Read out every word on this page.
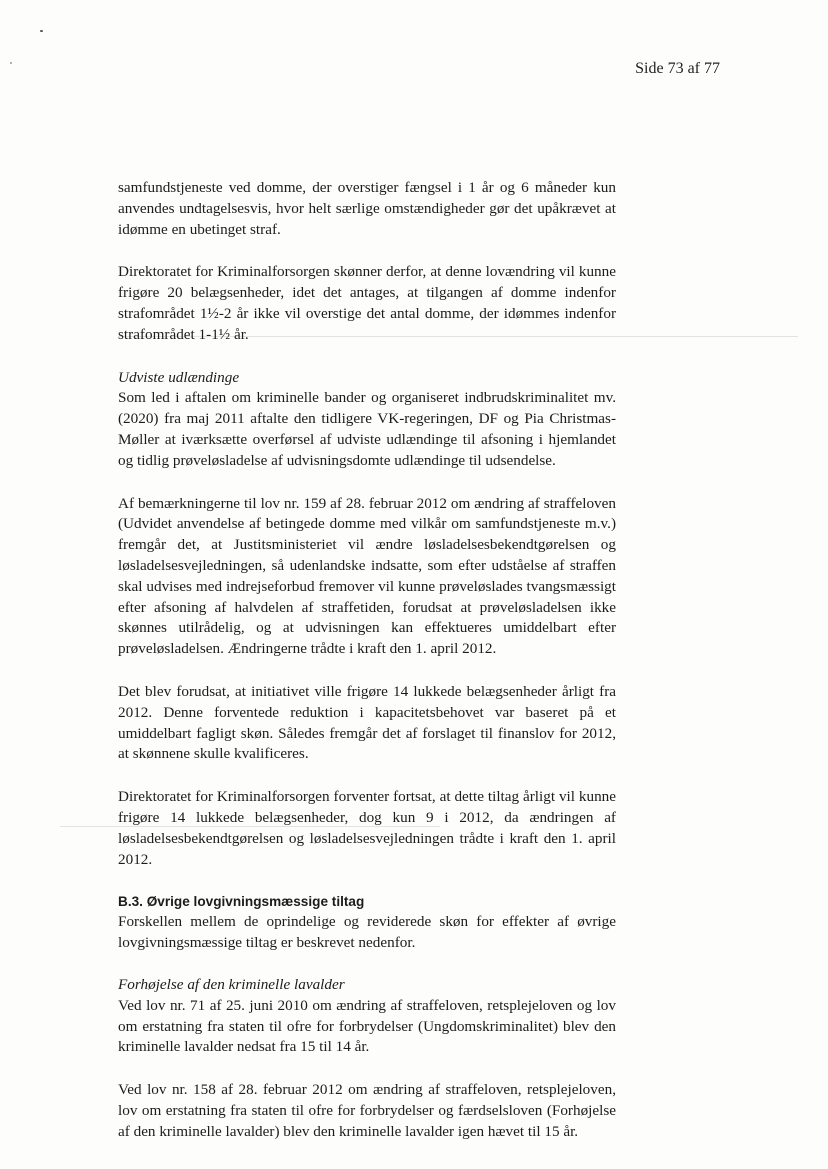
Side 73 af 77

samfundstjeneste ved domme, der overstiger fængsel i 1 år og 6 måneder kun anvendes undtagelsesvis, hvor helt særlige omstændigheder gør det upåkrævet at idømme en ubetinget straf.

Direktoratet for Kriminalforsorgen skønner derfor, at denne lovændring vil kunne frigøre 20 belægsenheder, idet det antages, at tilgangen af domme indenfor strafområdet 1½-2 år ikke vil overstige det antal domme, der idømmes indenfor strafområdet 1-1½ år.

Udviste udlændinge
Som led i aftalen om kriminelle bander og organiseret indbrudskriminalitet mv. (2020) fra maj 2011 aftalte den tidligere VK-regeringen, DF og Pia Christmas-Møller at iværksætte overførsel af udviste udlændinge til afsoning i hjemlandet og tidlig prøveløsladelse af udvisningsdomte udlændinge til udsendelse.

Af bemærkningerne til lov nr. 159 af 28. februar 2012 om ændring af straffeloven (Udvidet anvendelse af betingede domme med vilkår om samfundstjeneste m.v.) fremgår det, at Justitsministeriet vil ændre løsladelsesbekendtgørelsen og løsladelsesvejledningen, så udenlandske indsatte, som efter udståelse af straffen skal udvises med indrejseforbud fremover vil kunne prøveløslades tvangsmæssigt efter afsoning af halvdelen af straffetiden, forudsat at prøveløsladelsen ikke skønnes utilrådelig, og at udvisningen kan effektueres umiddelbart efter prøveløsladelsen. Ændringerne trådte i kraft den 1. april 2012.

Det blev forudsat, at initiativet ville frigøre 14 lukkede belægsenheder årligt fra 2012. Denne forventede reduktion i kapacitetsbehovet var baseret på et umiddelbart fagligt skøn. Således fremgår det af forslaget til finanslov for 2012, at skønnene skulle kvalificeres.

Direktoratet for Kriminalforsorgen forventer fortsat, at dette tiltag årligt vil kunne frigøre 14 lukkede belægsenheder, dog kun 9 i 2012, da ændringen af løsladelsesbekendtgørelsen og løsladelsesvejledningen trådte i kraft den 1. april 2012.

B.3. Øvrige lovgivningsmæssige tiltag
Forskellen mellem de oprindelige og reviderede skøn for effekter af øvrige lovgivningsmæssige tiltag er beskrevet nedenfor.

Forhøjelse af den kriminelle lavalder
Ved lov nr. 71 af 25. juni 2010 om ændring af straffeloven, retsplejeloven og lov om erstatning fra staten til ofre for forbrydelser (Ungdomskriminalitet) blev den kriminelle lavalder nedsat fra 15 til 14 år.

Ved lov nr. 158 af 28. februar 2012 om ændring af straffeloven, retsplejeloven, lov om erstatning fra staten til ofre for forbrydelser og færdselsloven (Forhøjelse af den kriminelle lavalder) blev den kriminelle lavalder igen hævet til 15 år.
